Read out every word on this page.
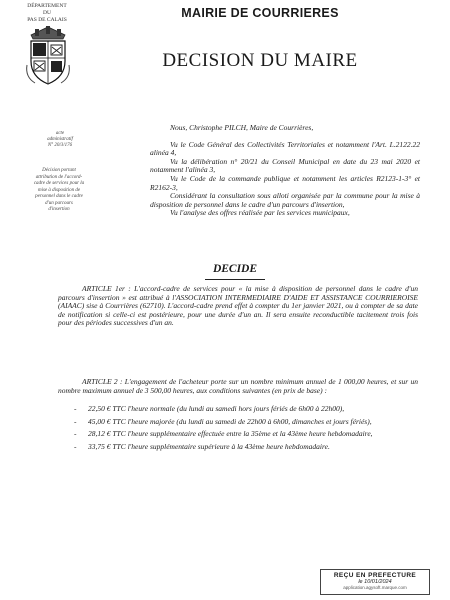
DÉPARTEMENT
DU
PAS DE CALAIS	MAIRIE DE COURRIERES
DECISION DU MAIRE
acte
administratif
N° 20/3/176
Décision portant
attribution de l'accord-
cadre de services pour la
mise à disposition de
personnel dans le cadre
d'un parcours
d'insertion

Nous, Christophe PILCH, Maire de Courrières,

Vu le Code Général des Collectivités Territoriales et notamment l'Art. L.2122.22 alinéa 4,

Vu la délibération n° 20/21 du Conseil Municipal en date du 23 mai 2020 et notamment l'alinéa 3,

Vu le Code de la commande publique et notamment les articles R2123-1-3° et R2162-3,

Considérant la consultation sous alloti organisée par la commune pour la mise à disposition de personnel dans le cadre d'un parcours d'insertion,

Vu l'analyse des offres réalisée par les services municipaux,

DECIDE

ARTICLE 1er : L'accord-cadre de services pour « la mise à disposition de personnel dans le cadre d'un parcours d'insertion » est attribué à l'ASSOCIATION INTERMEDIAIRE D'AIDE ET ASSISTANCE COURRIEROISE (AIAAC) sise à Courrières (62710). L'accord-cadre prend effet à compter du 1er janvier 2021, ou à compter de sa date de notification si celle-ci est postérieure, pour une durée d'un an. Il sera ensuite reconductible tacitement trois fois pour des périodes successives d'un an.

ARTICLE 2 : L'engagement de l'acheteur porte sur un nombre minimum annuel de 1 000,00 heures, et sur un nombre maximum annuel de 3 500,00 heures, aux conditions suivantes (en prix de base) :

- 22,50 € TTC l'heure normale (du lundi au samedi hors jours fériés de 6h00 à 22h00),
- 45,00 € TTC l'heure majorée (du lundi au samedi de 22h00 à 6h00, dimanches et jours fériés),
- 28,12 € TTC l'heure supplémentaire effectuée entre la 35ème et la 43ème heure hebdomadaire,
- 33,75 € TTC l'heure supplémentaire supérieure à la 43ème heure hebdomadaire.
REÇU EN PREFECTURE
le 10/01/2024
application.agysoft.marque.com
